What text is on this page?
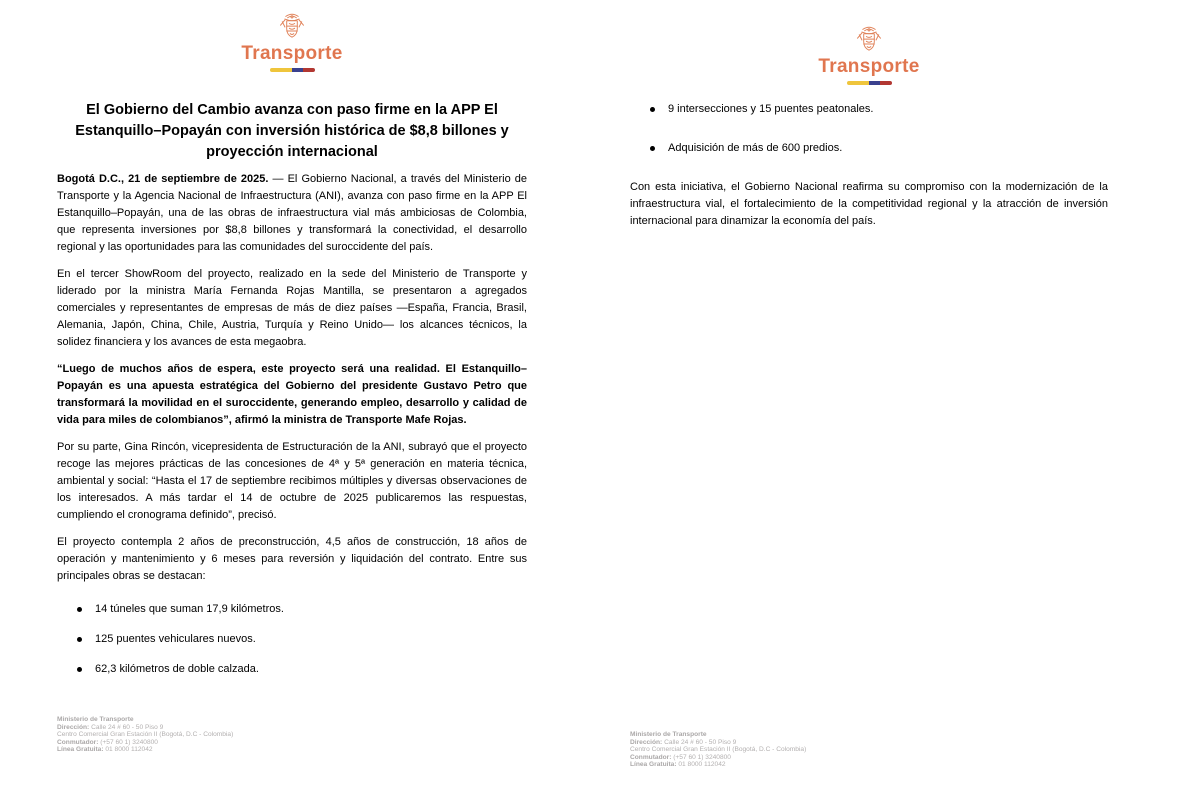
Transporte
El Gobierno del Cambio avanza con paso firme en la APP El Estanquillo–Popayán con inversión histórica de $8,8 billones y proyección internacional

Bogotá D.C., 21 de septiembre de 2025. — El Gobierno Nacional, a través del Ministerio de Transporte y la Agencia Nacional de Infraestructura (ANI), avanza con paso firme en la APP El Estanquillo–Popayán, una de las obras de infraestructura vial más ambiciosas de Colombia, que representa inversiones por $8,8 billones y transformará la conectividad, el desarrollo regional y las oportunidades para las comunidades del suroccidente del país.

En el tercer ShowRoom del proyecto, realizado en la sede del Ministerio de Transporte y liderado por la ministra María Fernanda Rojas Mantilla, se presentaron a agregados comerciales y representantes de empresas de más de diez países —España, Francia, Brasil, Alemania, Japón, China, Chile, Austria, Turquía y Reino Unido— los alcances técnicos, la solidez financiera y los avances de esta megaobra.

“Luego de muchos años de espera, este proyecto será una realidad. El Estanquillo–Popayán es una apuesta estratégica del Gobierno del presidente Gustavo Petro que transformará la movilidad en el suroccidente, generando empleo, desarrollo y calidad de vida para miles de colombianos”, afirmó la ministra de Transporte Mafe Rojas.

Por su parte, Gina Rincón, vicepresidenta de Estructuración de la ANI, subrayó que el proyecto recoge las mejores prácticas de las concesiones de 4ª y 5ª generación en materia técnica, ambiental y social: “Hasta el 17 de septiembre recibimos múltiples y diversas observaciones de los interesados. A más tardar el 14 de octubre de 2025 publicaremos las respuestas, cumpliendo el cronograma definido”, precisó.

El proyecto contempla 2 años de preconstrucción, 4,5 años de construcción, 18 años de operación y mantenimiento y 6 meses para reversión y liquidación del contrato. Entre sus principales obras se destacan:

14 túneles que suman 17,9 kilómetros.
125 puentes vehiculares nuevos.
62,3 kilómetros de doble calzada.
Ministerio de Transporte
Dirección: Calle 24 # 60 - 50 Piso 9
Centro Comercial Gran Estación II (Bogotá, D.C - Colombia)
Conmutador: (+57 60 1) 3240800
Línea Gratuita: 01 8000 112042
Transporte
9 intersecciones y 15 puentes peatonales.
Adquisición de más de 600 predios.

Con esta iniciativa, el Gobierno Nacional reafirma su compromiso con la modernización de la infraestructura vial, el fortalecimiento de la competitividad regional y la atracción de inversión internacional para dinamizar la economía del país.

Ministerio de Transporte
Dirección: Calle 24 # 60 - 50 Piso 9
Centro Comercial Gran Estación II (Bogotá, D.C - Colombia)
Conmutador: (+57 60 1) 3240800
Línea Gratuita: 01 8000 112042
